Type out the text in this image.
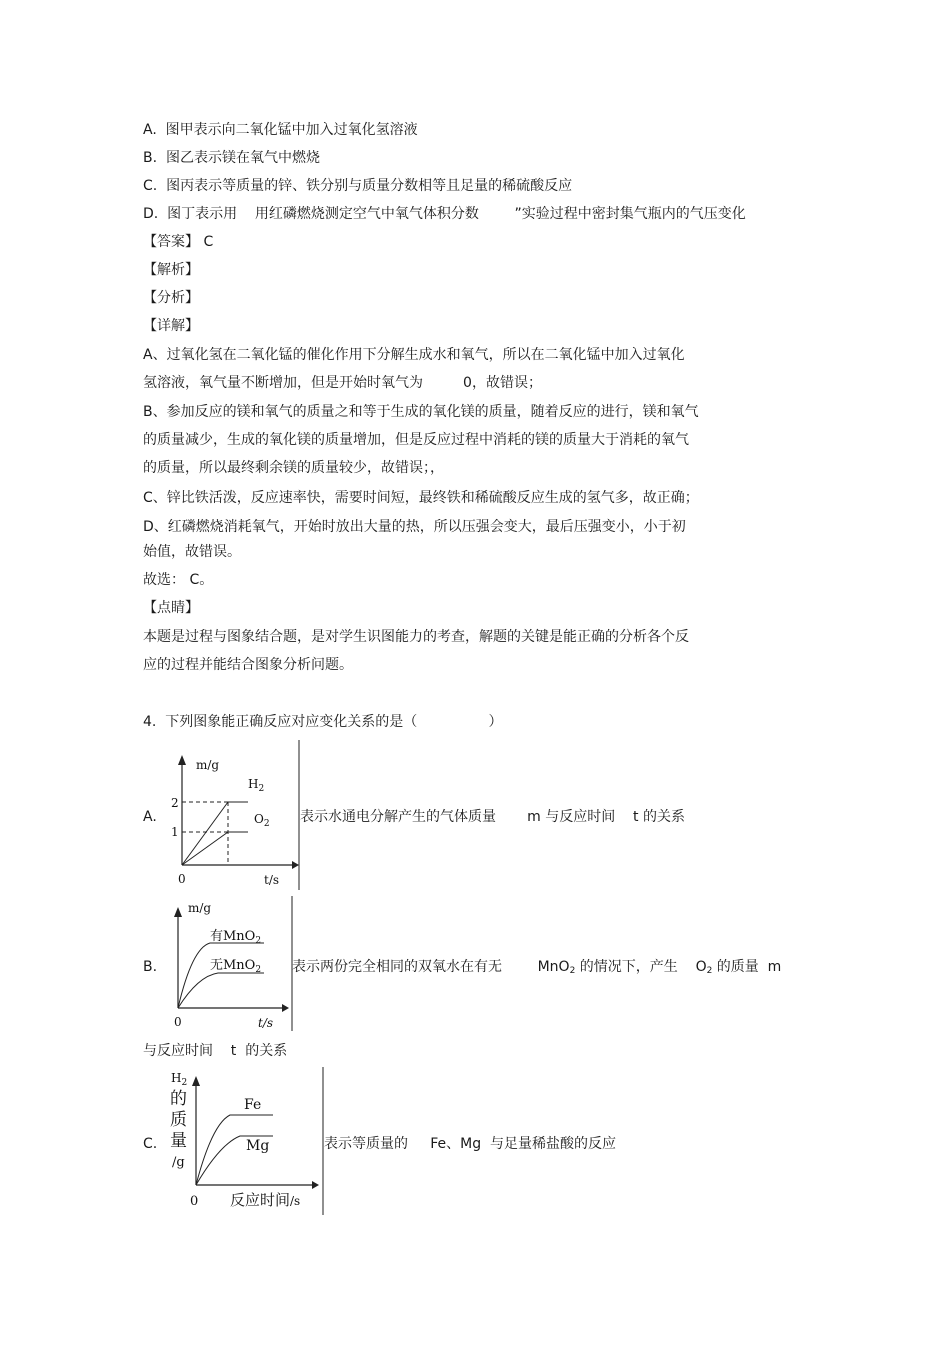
A.  图甲表示向二氧化锰中加入过氧化氢溶液
B.  图乙表示镁在氧气中燃烧
C.  图丙表示等质量的锌、铁分别与质量分数相等且足量的稀硫酸反应
D.  图丁表示用    用红磷燃烧测定空气中氧气体积分数        ”实验过程中密封集气瓶内的气压变化
【答案】 C
【解析】
【分析】
【详解】
A、过氧化氢在二氧化锰的催化作用下分解生成水和氧气，所以在二氧化锰中加入过氧化
氢溶液，氧气量不断增加，但是开始时氧气为         0，故错误；
B、参加反应的镁和氧气的质量之和等于生成的氧化镁的质量，随着反应的进行，镁和氧气
的质量减少，生成的氧化镁的质量增加，但是反应过程中消耗的镁的质量大于消耗的氧气
的质量，所以最终剩余镁的质量较少，故错误；，
C、锌比铁活泼，反应速率快，需要时间短，最终铁和稀硫酸反应生成的氢气多，故正确；
D、红磷燃烧消耗氧气，开始时放出大量的热，所以压强会变大，最后压强变小，小于初
始值，故错误。
故选： C。
【点睛】
本题是过程与图象结合题，是对学生识图能力的考查，解题的关键是能正确的分析各个反
应的过程并能结合图象分析问题。
4.  下列图象能正确反应对应变化关系的是（                ）
A.
m/g
2
1
0	t/s
$H_2$
$O_2$ 表示水通电分解产生的气体质量       m 与反应时间    t 的关系
B.
m/g
0	t/s
有MnO$_2$
无MnO$_2$ 表示两份完全相同的双氧水在有无        MnO2 的情况下，产生    O2 的质量  m
与反应时间    t  的关系
C.
$H_2$
的
质
量
/g
0 反应时间/s
Fe
Mg	表示等质量的     Fe、Mg  与足量稀盐酸的反应
